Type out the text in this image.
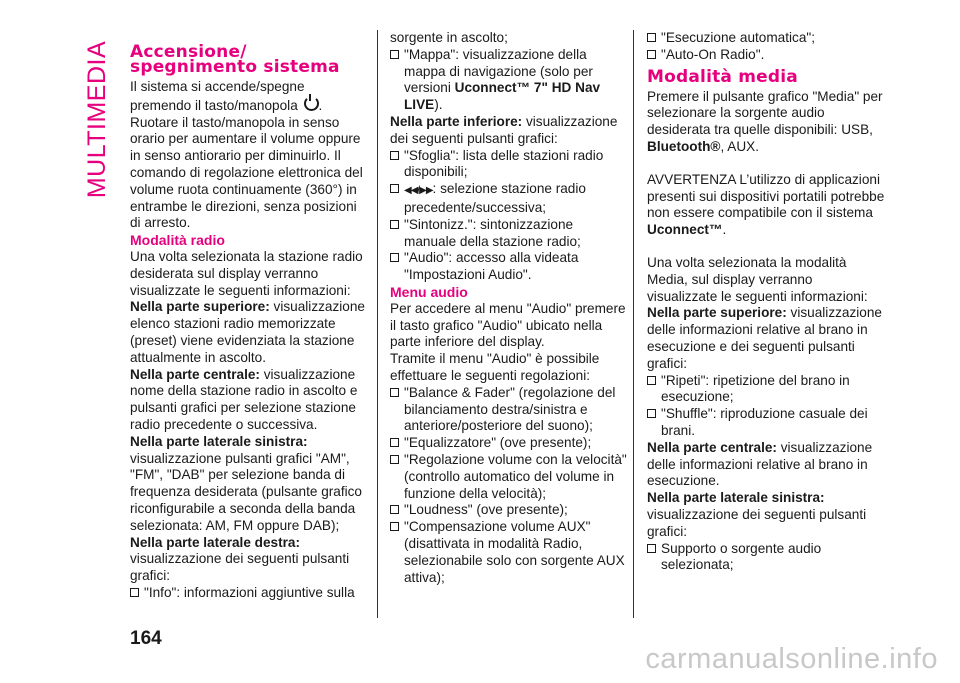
MULTIMEDIA Accensione/
spegnimento sistema

Il sistema si accende/spegne premendo il tasto/manopola .

Ruotare il tasto/manopola in senso orario per aumentare il volume oppure in senso antiorario per diminuirlo. Il comando di regolazione elettronica del volume ruota continuamente (360°) in entrambe le direzioni, senza posizioni di arresto.

Modalità radio

Una volta selezionata la stazione radio desiderata sul display verranno visualizzate le seguenti informazioni:

Nella parte superiore: visualizzazione elenco stazioni radio memorizzate (preset) viene evidenziata la stazione attualmente in ascolto.

Nella parte centrale: visualizzazione nome della stazione radio in ascolto e pulsanti grafici per selezione stazione radio precedente o successiva.

Nella parte laterale sinistra:
visualizzazione pulsanti grafici "AM", "FM", "DAB" per selezione banda di frequenza desiderata (pulsante grafico riconfigurabile a seconda della banda selezionata: AM, FM oppure DAB);

Nella parte laterale destra:
visualizzazione dei seguenti pulsanti grafici:

"Info": informazioni aggiuntive sulla

sorgente in ascolto;

"Mappa": visualizzazione della mappa di navigazione (solo per versioni Uconnect™ 7" HD Nav LIVE).

Nella parte inferiore: visualizzazione dei seguenti pulsanti grafici:

"Sfoglia": lista delle stazioni radio disponibili;
◀◀/▶▶: selezione stazione radio precedente/successiva;
"Sintonizz.": sintonizzazione manuale della stazione radio;
"Audio": accesso alla videata "Impostazioni Audio".
Menu audio

Per accedere al menu "Audio" premere il tasto grafico "Audio" ubicato nella parte inferiore del display.

Tramite il menu "Audio" è possibile effettuare le seguenti regolazioni:

"Balance & Fader" (regolazione del bilanciamento destra/sinistra e anteriore/posteriore del suono);
"Equalizzatore" (ove presente);
"Regolazione volume con la velocità" (controllo automatico del volume in funzione della velocità);
"Loudness" (ove presente);
"Compensazione volume AUX" (disattivata in modalità Radio, selezionabile solo con sorgente AUX attiva);
"Esecuzione automatica";
"Auto-On Radio".
Modalità media

Premere il pulsante grafico "Media" per selezionare la sorgente audio desiderata tra quelle disponibili: USB, Bluetooth®, AUX.

AVVERTENZA L’utilizzo di applicazioni presenti sui dispositivi portatili potrebbe non essere compatibile con il sistema Uconnect™.

Una volta selezionata la modalità Media, sul display verranno visualizzate le seguenti informazioni:

Nella parte superiore: visualizzazione delle informazioni relative al brano in esecuzione e dei seguenti pulsanti grafici:

"Ripeti": ripetizione del brano in esecuzione;
"Shuffle": riproduzione casuale dei brani.

Nella parte centrale: visualizzazione delle informazioni relative al brano in esecuzione.

Nella parte laterale sinistra:
visualizzazione dei seguenti pulsanti grafici:

Supporto o sorgente audio selezionata;
164
carmanualsonline.info
